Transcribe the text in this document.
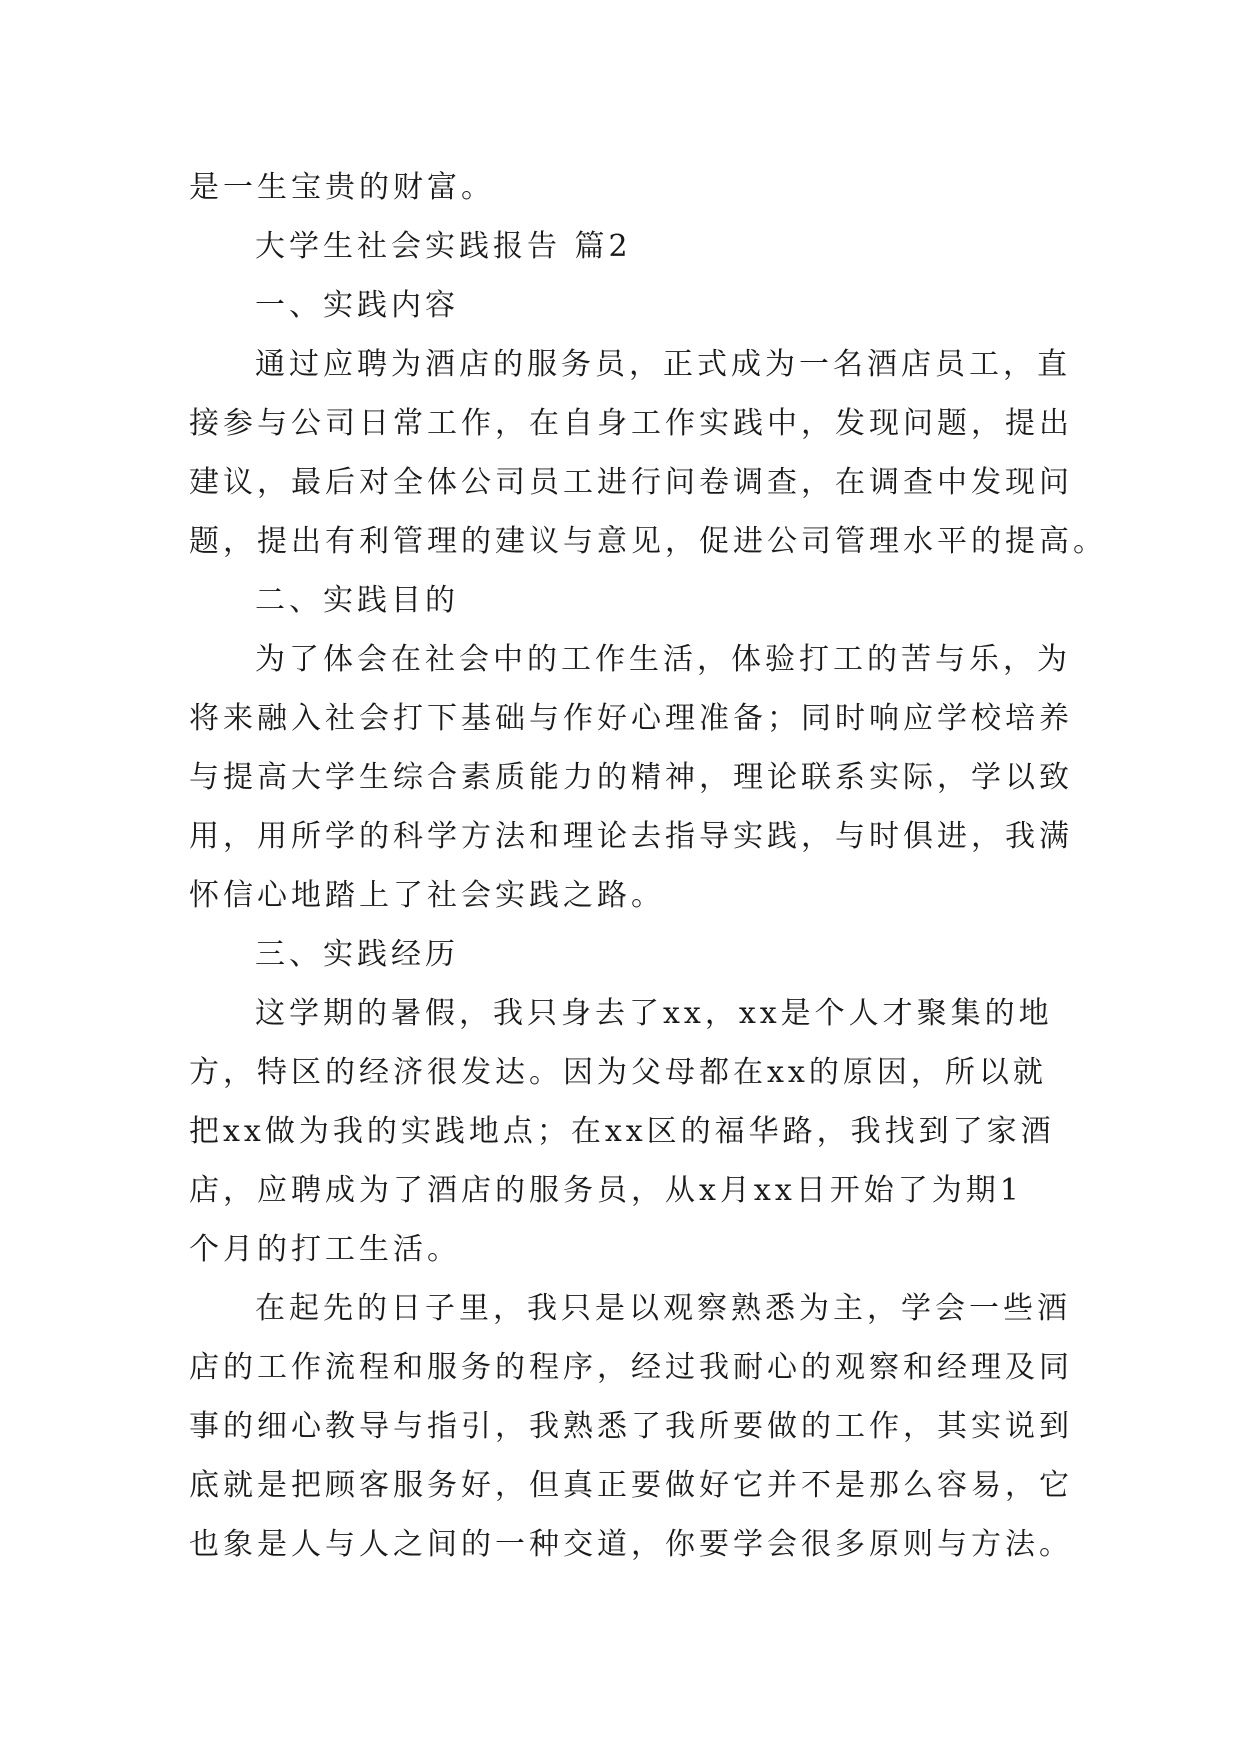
是一生宝贵的财富。
大学生社会实践报告 篇2
一、实践内容
通过应聘为酒店的服务员，正式成为一名酒店员工，直
接参与公司日常工作，在自身工作实践中，发现问题，提出
建议，最后对全体公司员工进行问卷调查，在调查中发现问
题，提出有利管理的建议与意见，促进公司管理水平的提高。
二、实践目的
为了体会在社会中的工作生活，体验打工的苦与乐，为
将来融入社会打下基础与作好心理准备；同时响应学校培养
与提高大学生综合素质能力的精神，理论联系实际，学以致
用，用所学的科学方法和理论去指导实践，与时俱进，我满
怀信心地踏上了社会实践之路。
三、实践经历
这学期的暑假，我只身去了xx，xx是个人才聚集的地
方，特区的经济很发达。因为父母都在xx的原因，所以就
把xx做为我的实践地点；在xx区的福华路，我找到了家酒
店，应聘成为了酒店的服务员，从x月xx日开始了为期1
个月的打工生活。
在起先的日子里，我只是以观察熟悉为主，学会一些酒
店的工作流程和服务的程序，经过我耐心的观察和经理及同
事的细心教导与指引，我熟悉了我所要做的工作，其实说到
底就是把顾客服务好，但真正要做好它并不是那么容易，它
也象是人与人之间的一种交道，你要学会很多原则与方法。
